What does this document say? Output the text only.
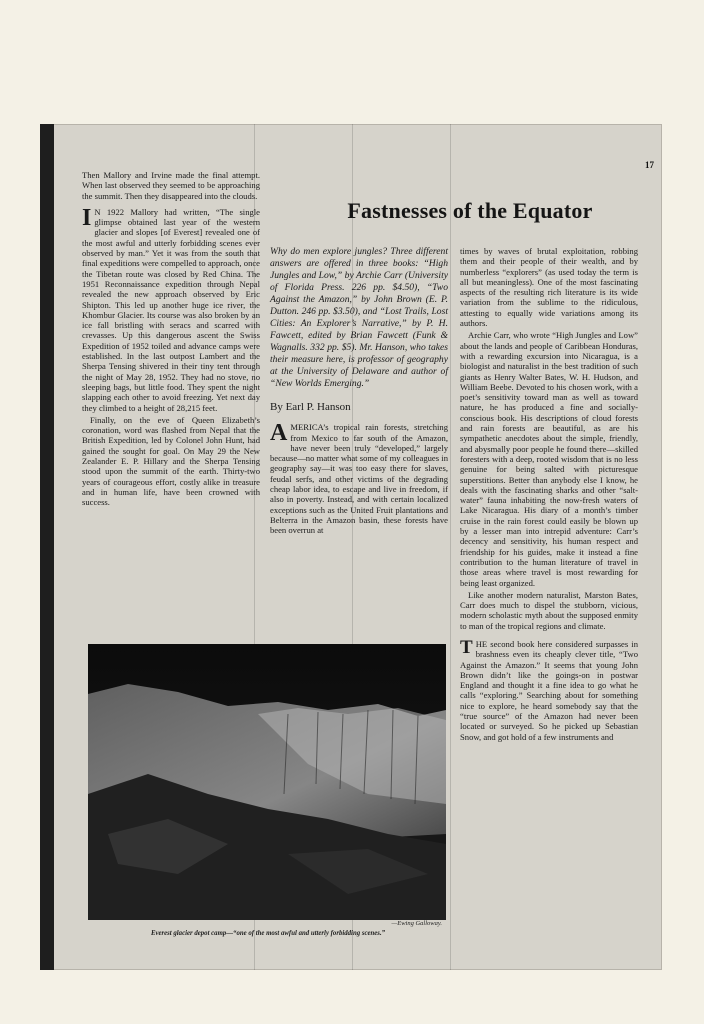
17
Fastnesses of the Equator

Then Mallory and Irvine made the final attempt. When last observed they seemed to be approaching the summit. Then they disappeared into the clouds.

I N 1922 Mallory had written, “The single glimpse obtained last year of the western glacier and slopes [of Everest] revealed one of the most awful and utterly forbidding scenes ever observed by man.” Yet it was from the south that final expeditions were compelled to approach, once the Tibetan route was closed by Red China. The 1951 Reconnaissance expedition through Nepal revealed the new approach observed by Eric Shipton. This led up another huge ice river, the Khombur Glacier. Its course was also broken by an ice fall bristling with seracs and scarred with crevasses. Up this dangerous ascent the Swiss Expedition of 1952 toiled and advance camps were established. In the last outpost Lambert and the Sherpa Tensing shivered in their tiny tent through the night of May 28, 1952. They had no stove, no sleeping bags, but little food. They spent the night slapping each other to avoid freezing. Yet next day they climbed to a height of 28,215 feet.

Finally, on the eve of Queen Elizabeth’s coronation, word was flashed from Nepal that the British Expedition, led by Colonel John Hunt, had gained the sought for goal. On May 29 the New Zealander E. P. Hillary and the Sherpa Tensing stood upon the summit of the earth. Thirty-two years of courageous effort, costly alike in treasure and in human life, have been crowned with success.

Why do men explore jungles? Three different answers are offered in three books: “High Jungles and Low,” by Archie Carr (University of Florida Press. 226 pp. $4.50), “Two Against the Amazon,” by John Brown (E. P. Dutton. 246 pp. $3.50), and “Lost Trails, Lost Cities: An Explorer’s Narrative,” by P. H. Fawcett, edited by Brian Fawcett (Funk & Wagnalls. 332 pp. $5). Mr. Hanson, who takes their measure here, is professor of geography at the University of Delaware and author of “New Worlds Emerging.”

By Earl P. Hanson

AMERICA’s tropical rain forests, stretching from Mexico to far south of the Amazon, have never been truly “developed,” largely because—no matter what some of my colleagues in geography say—it was too easy there for slaves, feudal serfs, and other victims of the degrading cheap labor idea, to escape and live in freedom, if also in poverty. Instead, and with certain localized exceptions such as the United Fruit plantations and Belterra in the Amazon basin, these forests have been overrun at

times by waves of brutal exploitation, robbing them and their people of their wealth, and by numberless “explorers” (as used today the term is all but meaningless). One of the most fascinating aspects of the resulting rich literature is its wide variation from the sublime to the ridiculous, attesting to equally wide variations among its authors.

Archie Carr, who wrote “High Jungles and Low” about the lands and people of Caribbean Honduras, with a rewarding excursion into Nicaragua, is a biologist and naturalist in the best tradition of such giants as Henry Walter Bates, W. H. Hudson, and William Beebe. Devoted to his chosen work, with a poet’s sensitivity toward man as well as toward nature, he has produced a fine and socially-conscious book. His descriptions of cloud forests and rain forests are beautiful, as are his sympathetic anecdotes about the simple, friendly, and abysmally poor people he found there—skilled foresters with a deep, rooted wisdom that is no less genuine for being salted with picturesque superstitions. Better than anybody else I know, he deals with the fascinating sharks and other “salt-water” fauna inhabiting the now-fresh waters of Lake Nicaragua. His diary of a month’s timber cruise in the rain forest could easily be blown up by a lesser man into intrepid adventure: Carr’s decency and sensitivity, his human respect and friendship for his guides, make it instead a fine contribution to the human literature of travel in those areas where travel is most rewarding for being least organized.

Like another modern naturalist, Marston Bates, Carr does much to dispel the stubborn, vicious, modern scholastic myth about the supposed enmity to man of the tropical regions and climate.

THE second book here considered surpasses in brashness even its cheaply clever title, “Two Against the Amazon.” It seems that young John Brown didn’t like the goings-on in postwar England and thought it a fine idea to go what he calls “exploring.” Searching about for something nice to explore, he heard somebody say that the “true source” of the Amazon had never been located or surveyed. So he picked up Sebastian Snow, and got hold of a few instruments and

—Ewing Galloway.
Everest glacier depot camp—“one of the most awful and utterly forbidding scenes.”
